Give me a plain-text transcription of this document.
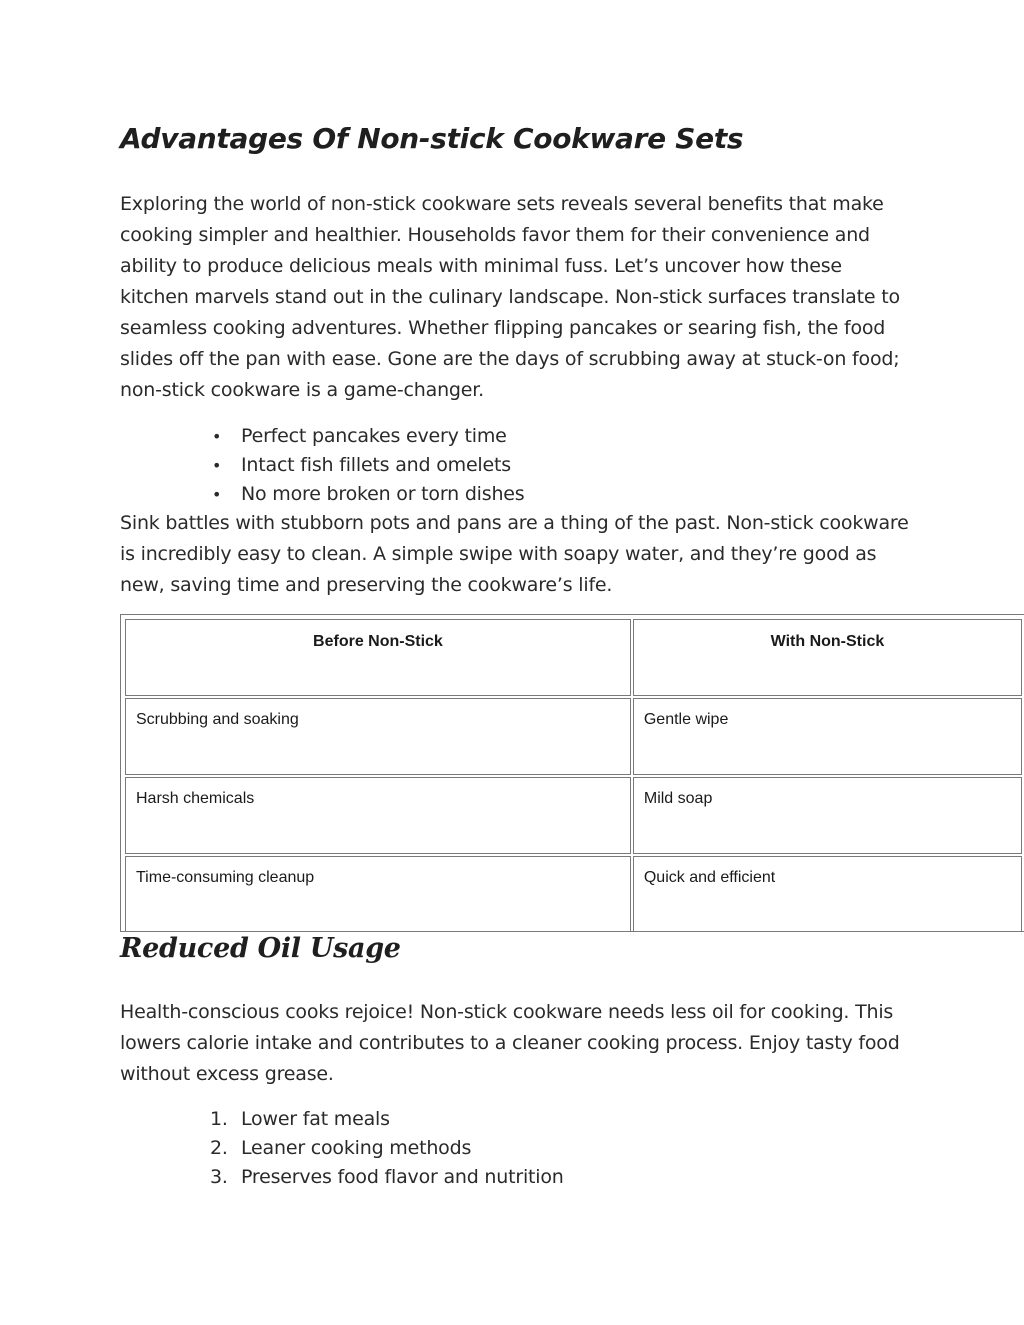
Advantages Of Non-stick Cookware Sets

Exploring the world of non-stick cookware sets reveals several benefits that make cooking simpler and healthier. Households favor them for their convenience and ability to produce delicious meals with minimal fuss. Let’s uncover how these kitchen marvels stand out in the culinary landscape. Non-stick surfaces translate to seamless cooking adventures. Whether flipping pancakes or searing fish, the food slides off the pan with ease. Gone are the days of scrubbing away at stuck-on food; non-stick cookware is a game-changer.

• Perfect pancakes every time
• Intact fish fillets and omelets
• No more broken or torn dishes

Sink battles with stubborn pots and pans are a thing of the past. Non-stick cookware is incredibly easy to clean. A simple swipe with soapy water, and they’re good as new, saving time and preserving the cookware’s life.

Before Non-Stick	With Non-Stick
Scrubbing and soaking	Gentle wipe
Harsh chemicals	Mild soap
Time-consuming cleanup	Quick and efficient
Reduced Oil Usage

Health-conscious cooks rejoice! Non-stick cookware needs less oil for cooking. This lowers calorie intake and contributes to a cleaner cooking process. Enjoy tasty food without excess grease.

1. Lower fat meals
2. Leaner cooking methods
3. Preserves food flavor and nutrition
